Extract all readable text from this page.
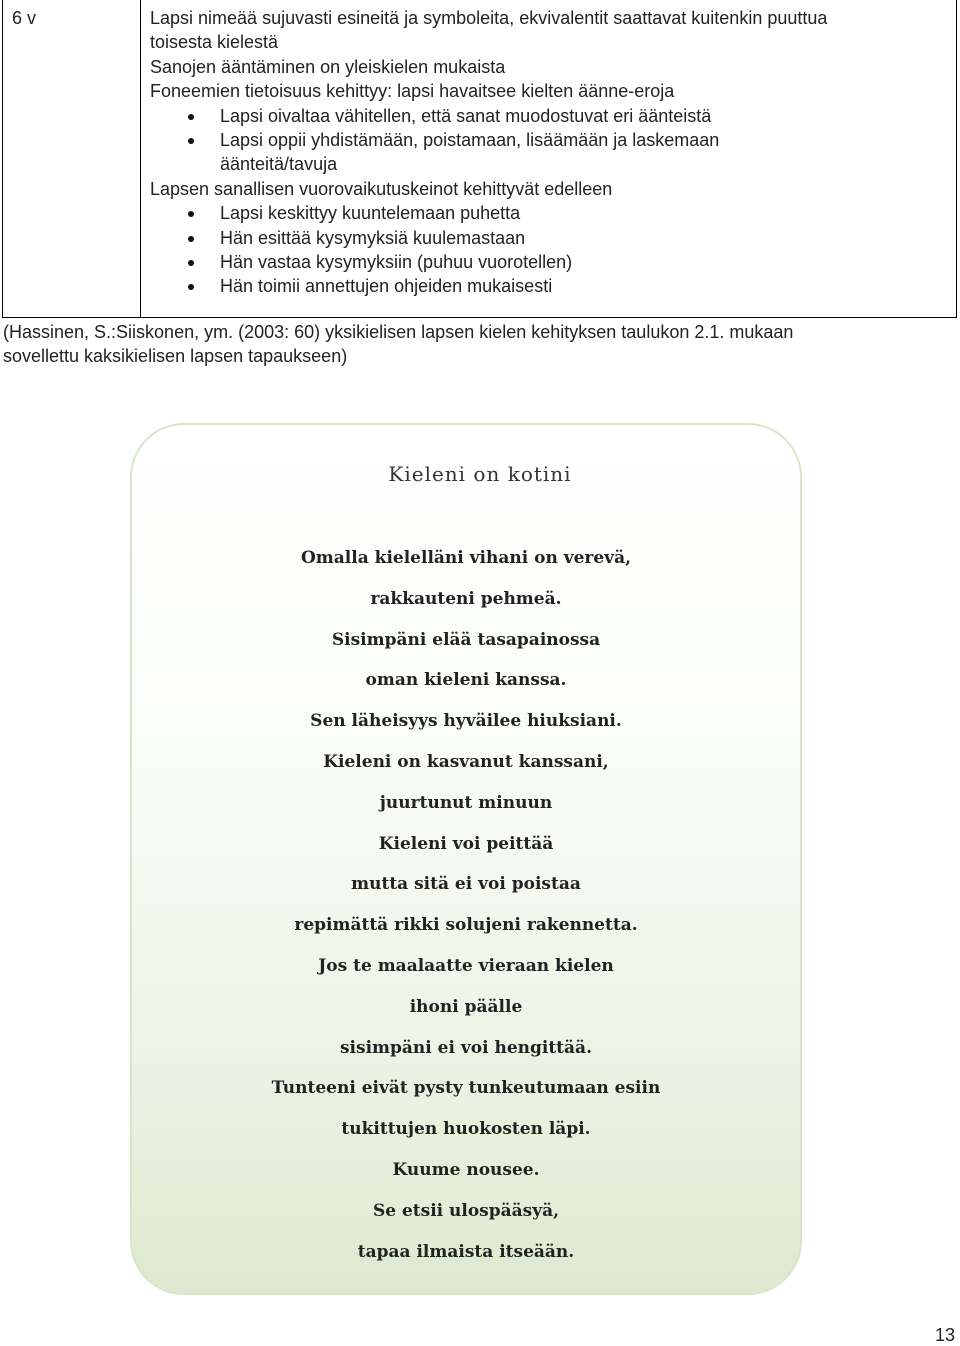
6 v	Lapsi nimeää sujuvasti esineitä ja symboleita, ekvivalentit saattavat kuitenkin puuttua
toisesta kielestä
Sanojen ääntäminen on yleiskielen mukaista
Foneemien tietoisuus kehittyy: lapsi havaitsee kielten äänne-eroja
Lapsi oivaltaa vähitellen, että sanat muodostuvat eri äänteistä
Lapsi oppii yhdistämään, poistamaan, lisäämään ja laskemaan
äänteitä/tavuja
Lapsen sanallisen vuorovaikutuskeinot kehittyvät edelleen
Lapsi keskittyy kuuntelemaan puhetta
Hän esittää kysymyksiä kuulemastaan
Hän vastaa kysymyksiin (puhuu vuorotellen)
Hän toimii annettujen ohjeiden mukaisesti
(Hassinen, S.:Siiskonen, ym. (2003: 60) yksikielisen lapsen kielen kehityksen taulukon 2.1. mukaan
sovellettu kaksikielisen lapsen tapaukseen)
Kieleni on kotini
Omalla kielelläni vihani on verevä,
rakkauteni pehmeä.
Sisimpäni elää tasapainossa
oman kieleni kanssa.
Sen läheisyys hyväilee hiuksiani.
Kieleni on kasvanut kanssani,
juurtunut minuun
Kieleni voi peittää
mutta sitä ei voi poistaa
repimättä rikki solujeni rakennetta.
Jos te maalaatte vieraan kielen
ihoni päälle
sisimpäni ei voi hengittää.
Tunteeni eivät pysty tunkeutumaan esiin
tukittujen huokosten läpi.
Kuume nousee.
Se etsii ulospääsyä,
tapaa ilmaista itseään.
13
